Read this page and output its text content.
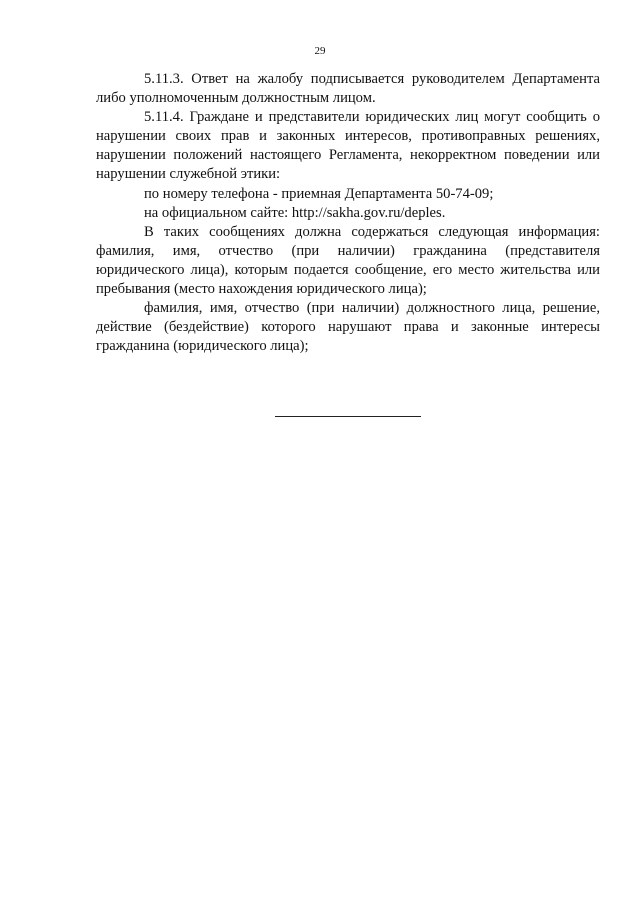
29

5.11.3. Ответ на жалобу подписывается руководителем Департамента либо уполномоченным должностным лицом.

5.11.4. Граждане и представители юридических лиц могут сообщить о нарушении своих прав и законных интересов, противоправных решениях, нарушении положений настоящего Регламента, некорректном поведении или нарушении служебной этики:

по номеру телефона - приемная Департамента 50-74-09;

на официальном сайте: http://sakha.gov.ru/deples.

В таких сообщениях должна содержаться следующая информация: фамилия, имя, отчество (при наличии) гражданина (представителя юридического лица), которым подается сообщение, его место жительства или пребывания (место нахождения юридического лица);

фамилия, имя, отчество (при наличии) должностного лица, решение, действие (бездействие) которого нарушают права и законные интересы гражданина (юридического лица);
